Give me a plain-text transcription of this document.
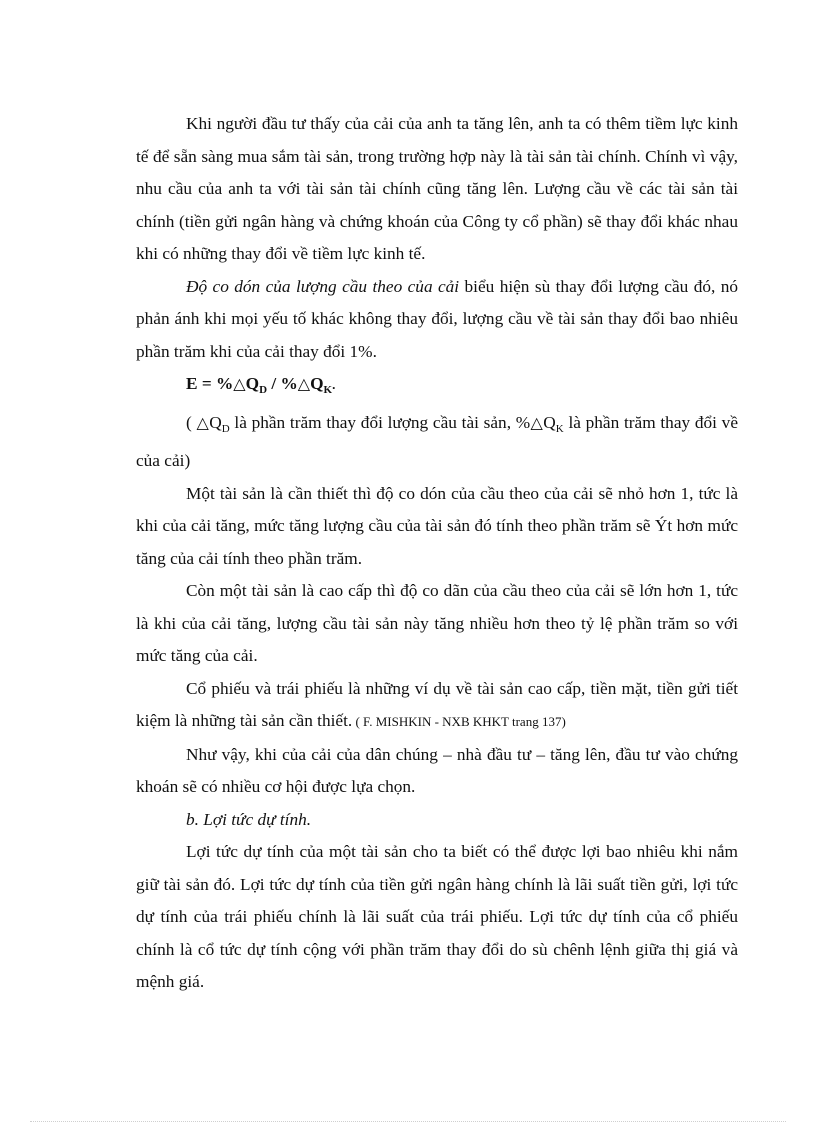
Khi người đầu tư thấy của cải của anh ta tăng lên, anh ta có thêm tiềm lực kinh tế để sẵn sàng mua sắm tài sản, trong trường hợp này là tài sản tài chính. Chính vì vậy, nhu cầu của anh ta với tài sản tài chính cũng tăng lên. Lượng cầu về các tài sản tài chính (tiền gửi ngân hàng và chứng khoán của Công ty cổ phần) sẽ thay đổi khác nhau khi có những thay đổi về tiềm lực kinh tế.

Độ co dón của lượng cầu theo của cải biểu hiện sù thay đổi lượng cầu đó, nó phản ánh khi mọi yếu tố khác không thay đổi, lượng cầu về tài sản thay đổi bao nhiêu phần trăm khi của cải thay đổi 1%.

$E = \%\triangle Q_D$ / $\%\triangle Q_K$.

( $\triangle Q_D$ là phần trăm thay đổi lượng cầu tài sản, $\%\triangle Q_K$ là phần trăm thay đổi về của cải)

Một tài sản là cần thiết thì độ co dón của cầu theo của cải sẽ nhỏ hơn 1, tức là khi của cải tăng, mức tăng lượng cầu của tài sản đó tính theo phần trăm sẽ Ýt hơn mức tăng của cải tính theo phần trăm.

Còn một tài sản là cao cấp thì độ co dãn của cầu theo của cải sẽ lớn hơn 1, tức là khi của cải tăng, lượng cầu tài sản này tăng nhiều hơn theo tỷ lệ phần trăm so với mức tăng của cải.

Cổ phiếu và trái phiếu là những ví dụ về tài sản cao cấp, tiền mặt, tiền gửi tiết kiệm là những tài sản cần thiết. ( F. MISHKIN - NXB KHKT trang 137)

Như vậy, khi của cải của dân chúng – nhà đầu tư – tăng lên, đầu tư vào chứng khoán sẽ có nhiều cơ hội được lựa chọn.

b. Lợi tức dự tính.

Lợi tức dự tính của một tài sản cho ta biết có thể được lợi bao nhiêu khi nắm giữ tài sản đó. Lợi tức dự tính của tiền gửi ngân hàng chính là lãi suất tiền gửi, lợi tức dự tính của trái phiếu chính là lãi suất của trái phiếu. Lợi tức dự tính của cổ phiếu chính là cổ tức dự tính cộng với phần trăm thay đổi do sù chênh lệnh giữa thị giá và mệnh giá.
